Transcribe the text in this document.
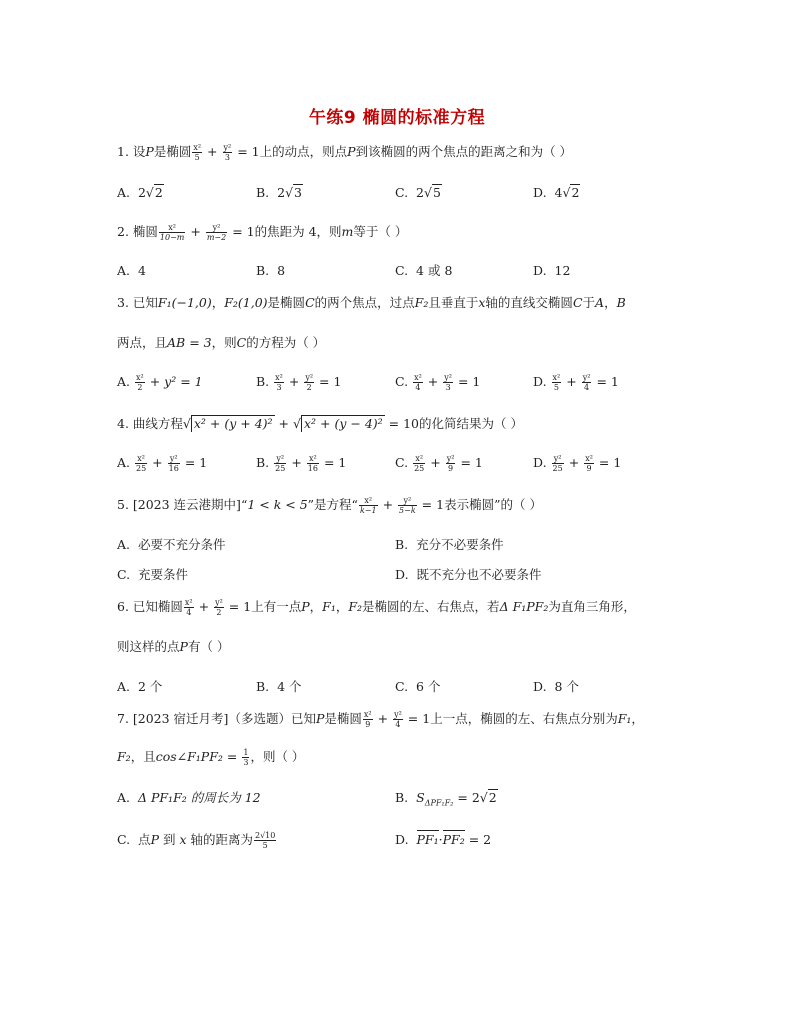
午练9 椭圆的标准方程
1. 设P是椭圆 $\frac{\text{x²}}{5} + \frac{\text{y²}}{3} = 1$上的动点，则点P到该椭圆的两个焦点的距离之和为（ ）
A. 2√2	B. 2√3	C. 2√5	D. 4√2
2. 椭圆 $\frac{\text{x²}}{10-m} + \frac{\text{y²}}{m-2} = 1$的焦距为 4，则m等于（ ）
A. 4	B. 8	C. 4 或 8	D. 12
3. 已知F₁(−1,0)，F₂(1,0)是椭圆C的两个焦点，过点F₂且垂直于x轴的直线交椭圆C于A，B
两点，且AB = 3，则C的方程为（ ）
A. $\frac{\text{x²}}{2} + y^2 = 1$	B. $\frac{\text{x²}}{3} + \frac{\text{y²}}{2} = 1$	C. $\frac{\text{x²}}{4} + \frac{\text{y²}}{3} = 1$	D. $\frac{\text{x²}}{5} + \frac{\text{y²}}{4} = 1$
4. 曲线方程√ x² + (y + 4)² + √ x² + (y − 4)² = 10的化简结果为（ ）
A. $\frac{\text{x²}}{25} + \frac{\text{y²}}{16} = 1$	B. $\frac{\text{y²}}{25} + \frac{\text{x²}}{16} = 1$	C. $\frac{\text{x²}}{25} + \frac{\text{y²}}{9} = 1$	D. $\frac{\text{y²}}{25} + \frac{\text{x²}}{9} = 1$
5. [2023 连云港期中]“1 < k < 5”是方程“ $\frac{\text{x²}}{k-1} + \frac{\text{y²}}{5-k} = 1$表示椭圆”的（ ）
A. 必要不充分条件	B. 充分不必要条件
C. 充要条件	D. 既不充分也不必要条件
6. 已知椭圆 $\frac{\text{x²}}{4} + \frac{\text{y²}}{2} = 1$上有一点P，F₁，F₂是椭圆的左、右焦点，若Δ F₁PF₂为直角三角形，
则这样的点P有（ ）
A. 2 个	B. 4 个	C. 6 个	D. 8 个
7. [2023 宿迁月考]（多选题）已知P是椭圆 $\frac{\text{x²}}{9} + \frac{\text{y²}}{4} = 1$上一点，椭圆的左、右焦点分别为F₁，
F₂，且cos∠F₁PF₂ = $\frac{1}{3}$ ，则（ ）
A. Δ PF₁F₂ 的周长为 12	B. $S_{\Delta PF_1F_2} = 2√2$
C. 点P 到 x 轴的距离为 $\frac{2√10}{5}$	D. PF₁·PF₂ = 2
